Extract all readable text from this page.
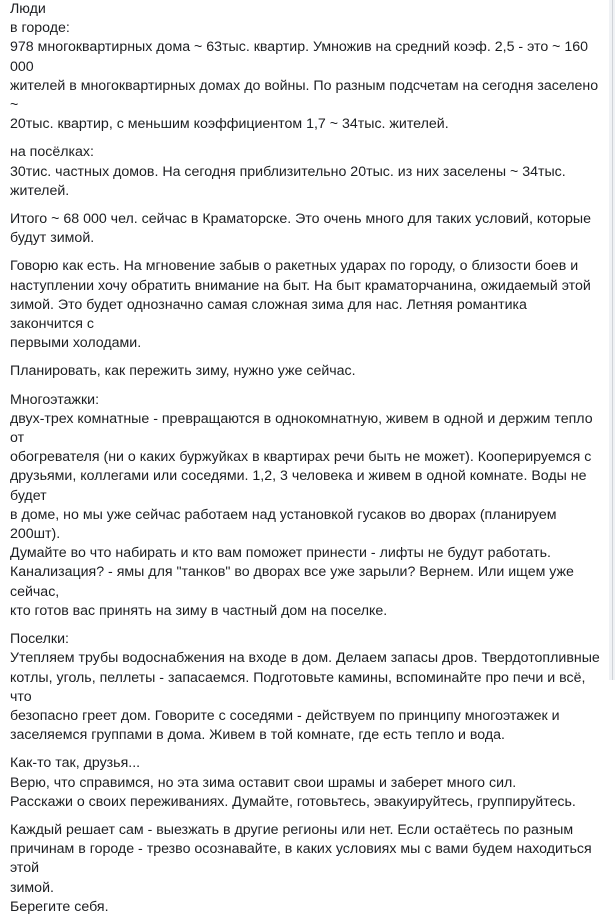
Люди
в городе:
978 многоквартирных дома ~ 63тыс. квартир. Умножив на средний коэф. 2,5 - это ~ 160 000
жителей в многоквартирных домах до войны. По разным подсчетам на сегодня заселено ~
20тыс. квартир, с меньшим коэффициентом 1,7 ~ 34тыс. жителей.

на посёлках:
30тис. частных домов. На сегодня приблизительно 20тыс. из них заселены ~ 34тыс. жителей.

Итого ~ 68 000 чел. сейчас в Краматорске. Это очень много для таких условий, которые
будут зимой.

Говорю как есть. На мгновение забыв о ракетных ударах по городу, о близости боев и
наступлении хочу обратить внимание на быт. На быт краматорчанина, ожидаемый этой
зимой. Это будет однозначно самая сложная зима для нас. Летняя романтика закончится с
первыми холодами.

Планировать, как пережить зиму, нужно уже сейчас.

Многоэтажки:
двух-трех комнатные - превращаются в однокомнатную, живем в одной и держим тепло от
обогревателя (ни о каких буржуйках в квартирах речи быть не может). Кооперируемся с
друзьями, коллегами или соседями. 1,2, 3 человека и живем в одной комнате. Воды не будет
в доме, но мы уже сейчас работаем над установкой гусаков во дворах (планируем 200шт).
Думайте во что набирать и кто вам поможет принести - лифты не будут работать.
Канализация? - ямы для "танков" во дворах все уже зарыли? Вернем. Или ищем уже сейчас,
кто готов вас принять на зиму в частный дом на поселке.

Поселки:
Утепляем трубы водоснабжения на входе в дом. Делаем запасы дров. Твердотопливные
котлы, уголь, пеллеты - запасаемся. Подготовьте камины, вспоминайте про печи и всё, что
безопасно греет дом. Говорите с соседями - действуем по принципу многоэтажек и
заселяемся группами в дома. Живем в той комнате, где есть тепло и вода.

Как-то так, друзья...
Верю, что справимся, но эта зима оставит свои шрамы и заберет много сил.
Расскажи о своих переживаниях. Думайте, готовьтесь, эвакуируйтесь, группируйтесь.

Каждый решает сам - выезжать в другие регионы или нет. Если остаётесь по разным
причинам в городе - трезво осознавайте, в каких условиях мы с вами будем находиться этой
зимой.
Берегите себя.
